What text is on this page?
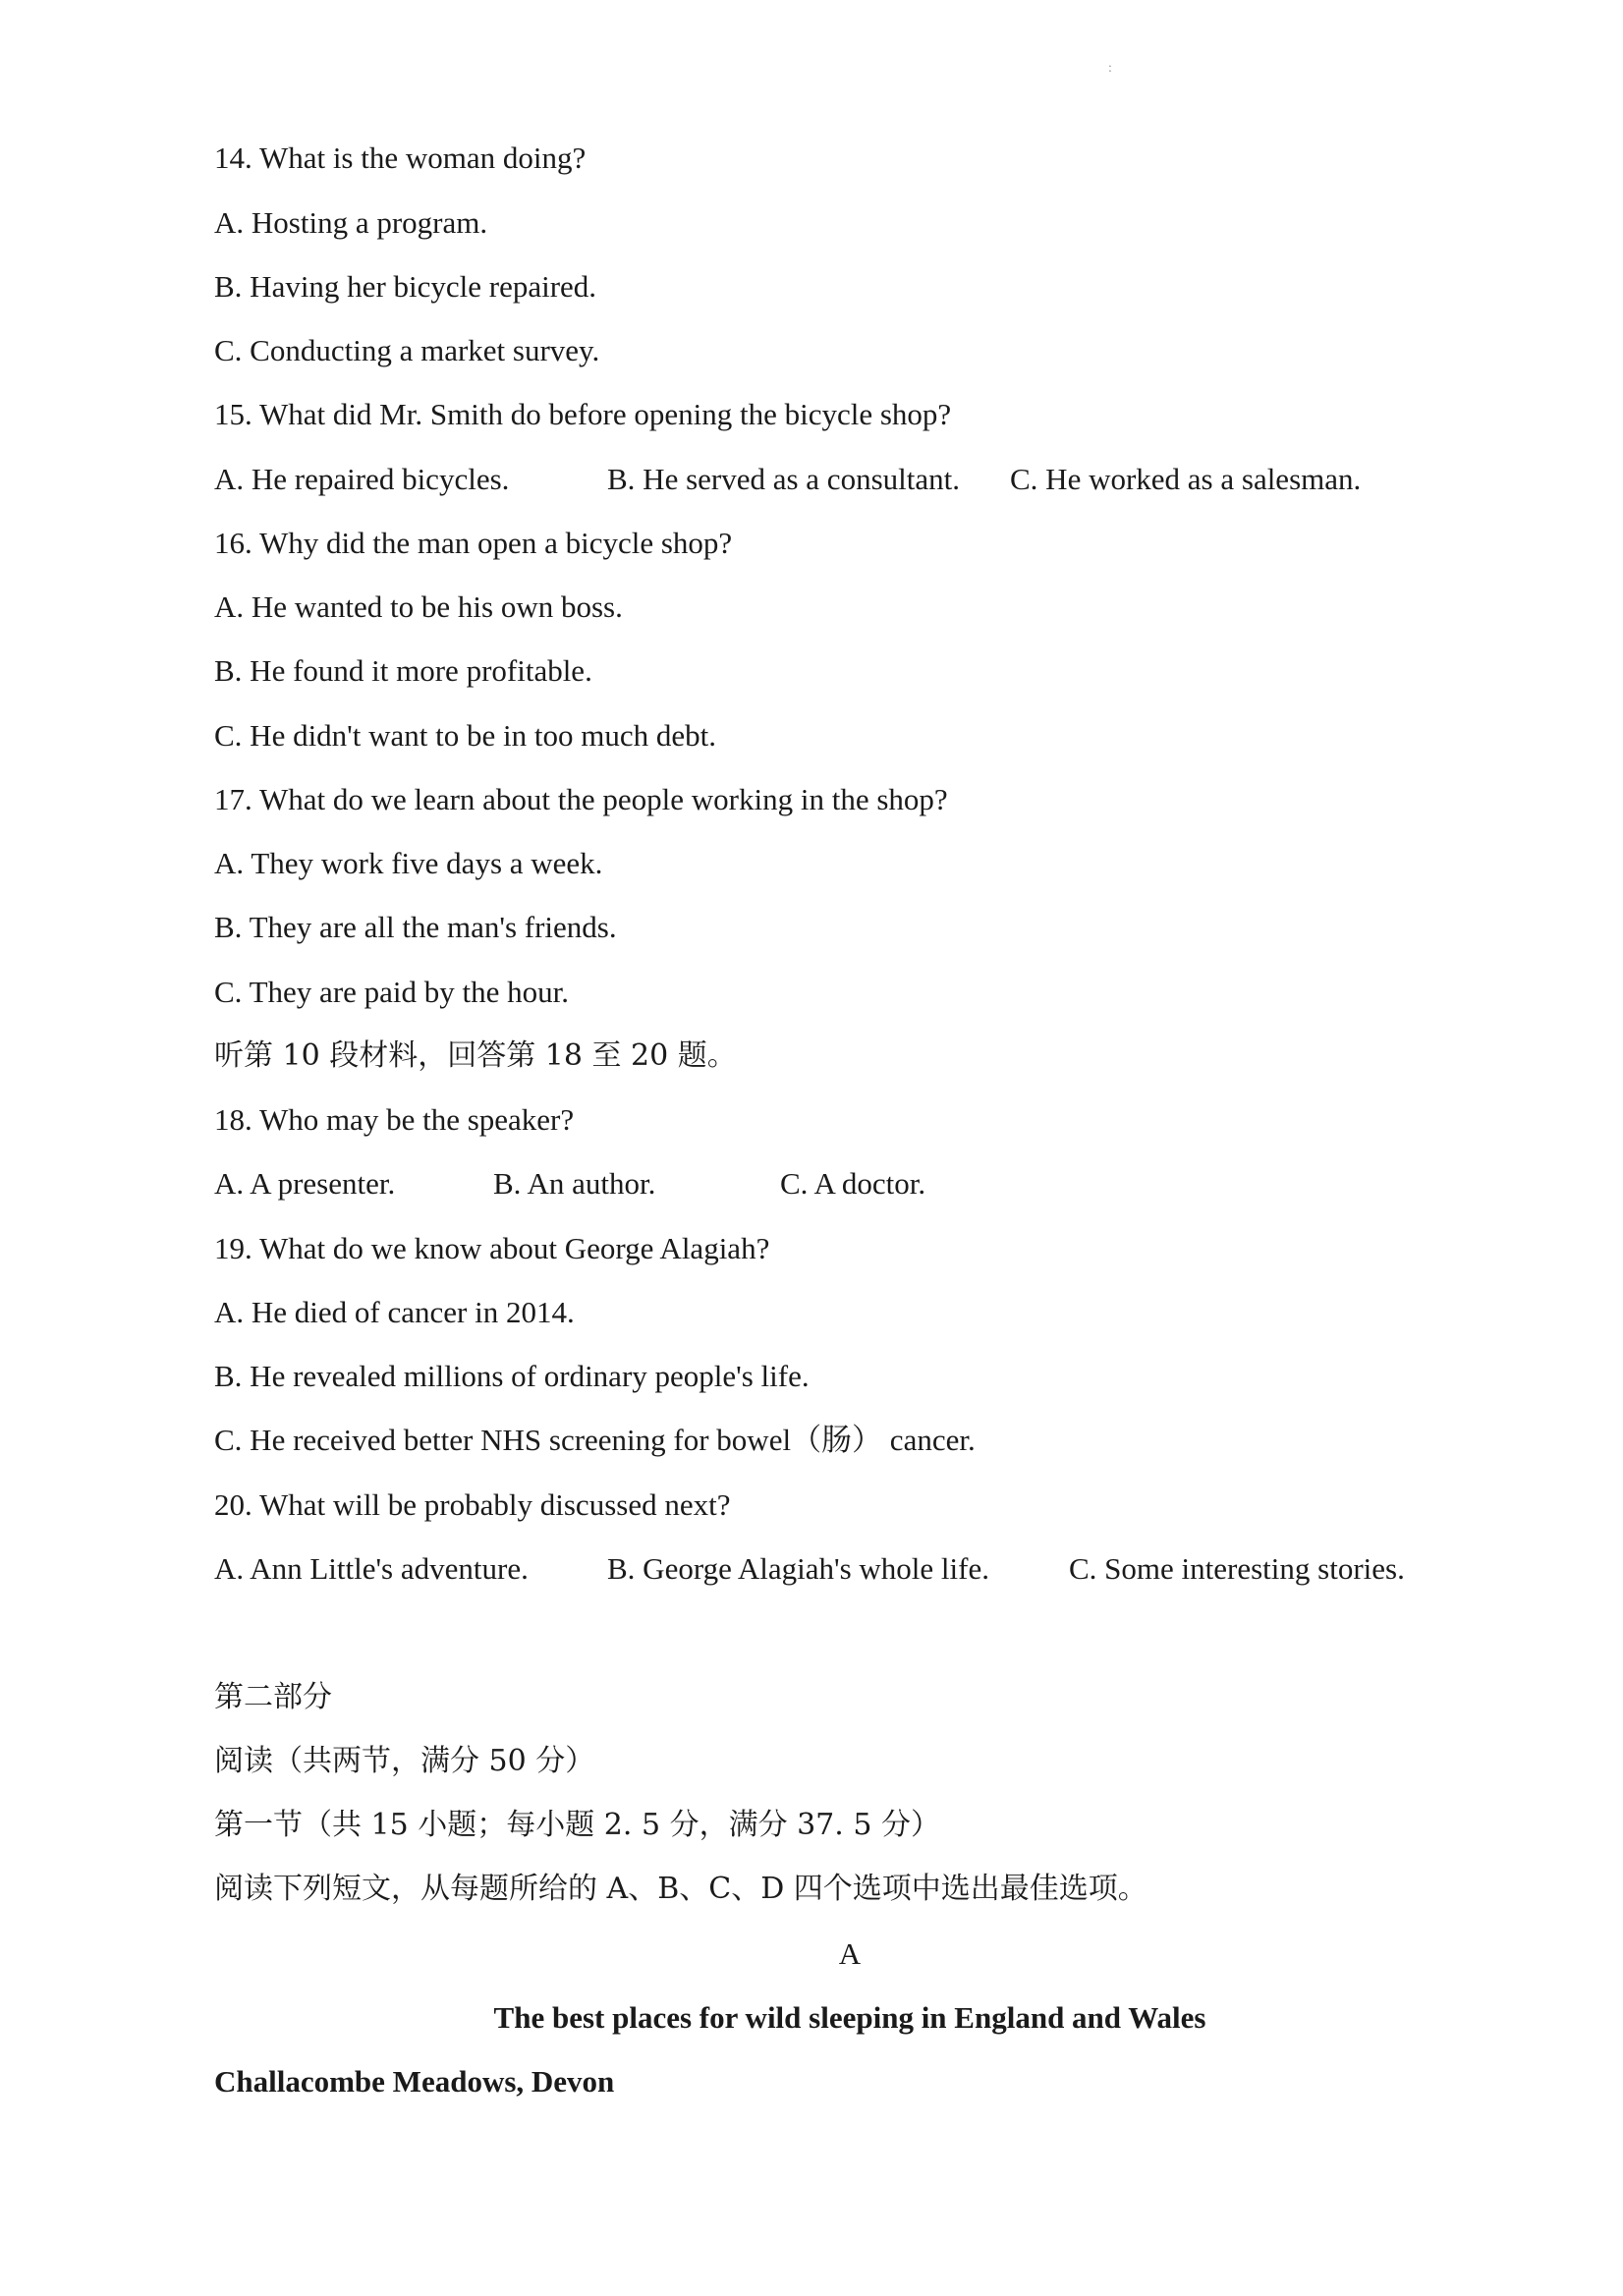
:
14. What is the woman doing?
A. Hosting a program.
B. Having her bicycle repaired.
C. Conducting a market survey.
15. What did Mr. Smith do before opening the bicycle shop?
A. He repaired bicycles.	B. He served as a consultant. C. He worked as a salesman.
16. Why did the man open a bicycle shop?
A. He wanted to be his own boss.
B. He found it more profitable.
C. He didn't want to be in too much debt.
17. What do we learn about the people working in the shop?
A. They work five days a week.
B. They are all the man's friends.
C. They are paid by the hour.
听第 10 段材料，回答第 18 至 20 题。
18. Who may be the speaker?
A. A presenter.	B. An author.	C. A doctor.
19. What do we know about George Alagiah?
A. He died of cancer in 2014.
B. He revealed millions of ordinary people's life.
C. He received better NHS screening for bowel（肠） cancer.
20. What will be probably discussed next?
A. Ann Little's adventure.	B. George Alagiah's whole life.	C. Some interesting stories.
第二部分
阅读（共两节，满分 50 分）
第一节（共 15 小题；每小题 2. 5 分，满分 37. 5 分）
阅读下列短文，从每题所给的 A、B、C、D 四个选项中选出最佳选项。
A
The best places for wild sleeping in England and Wales
Challacombe Meadows, Devon
